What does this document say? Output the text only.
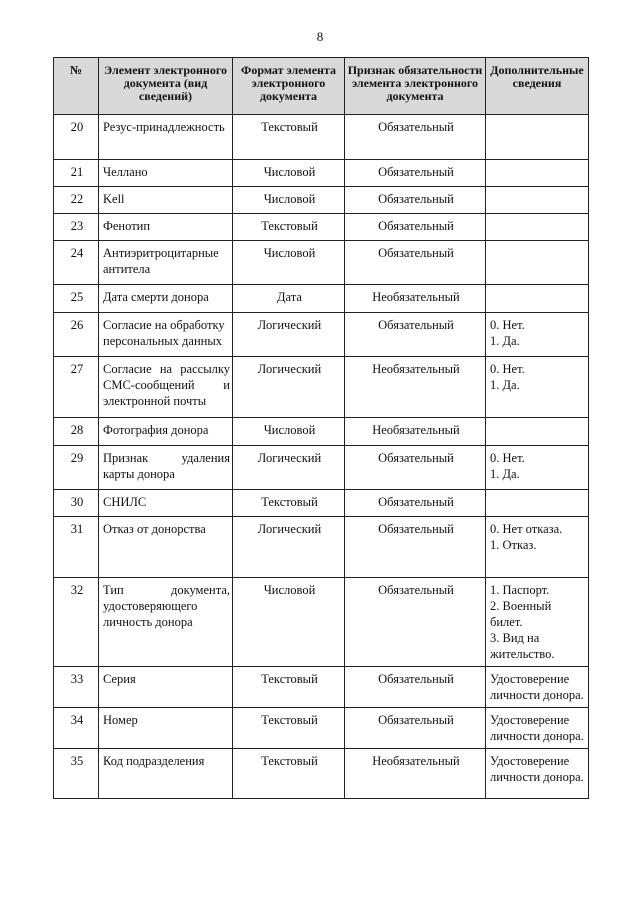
8
№	Элемент электронного документа (вид сведений)	Формат элемента электронного документа	Признак обязательности элемента электронного документа	Дополнительные сведения
20	Резус-принадлежность	Текстовый	Обязательный	
21	Челлано	Числовой	Обязательный	
22	Kell	Числовой	Обязательный	
23	Фенотип	Текстовый	Обязательный	
24	Антиэритроцитарные антитела	Числовой	Обязательный	
25	Дата смерти донора	Дата	Необязательный	
26	Согласие на обработку персональных данных	Логический	Обязательный	0. Нет.
1. Да.

27	Согласие на рассылку СМС-сообщений и электронной почты	Логический	Необязательный	0. Нет.
1. Да.

28	Фотография донора	Числовой	Необязательный	
29	Признак удаления карты донора	Логический	Обязательный	0. Нет.
1. Да.

30	СНИЛС	Текстовый	Обязательный	
31	Отказ от донорства	Логический	Обязательный	0. Нет отказа.
1. Отказ.

32	Тип документа, удостоверяющего личность донора	Числовой	Обязательный	1. Паспорт.
2. Военный билет.
3. Вид на жительство.

33	Серия	Текстовый	Обязательный	Удостоверение личности донора.

34	Номер	Текстовый	Обязательный	Удостоверение личности донора.

35	Код подразделения	Текстовый	Необязательный	Удостоверение личности донора.
